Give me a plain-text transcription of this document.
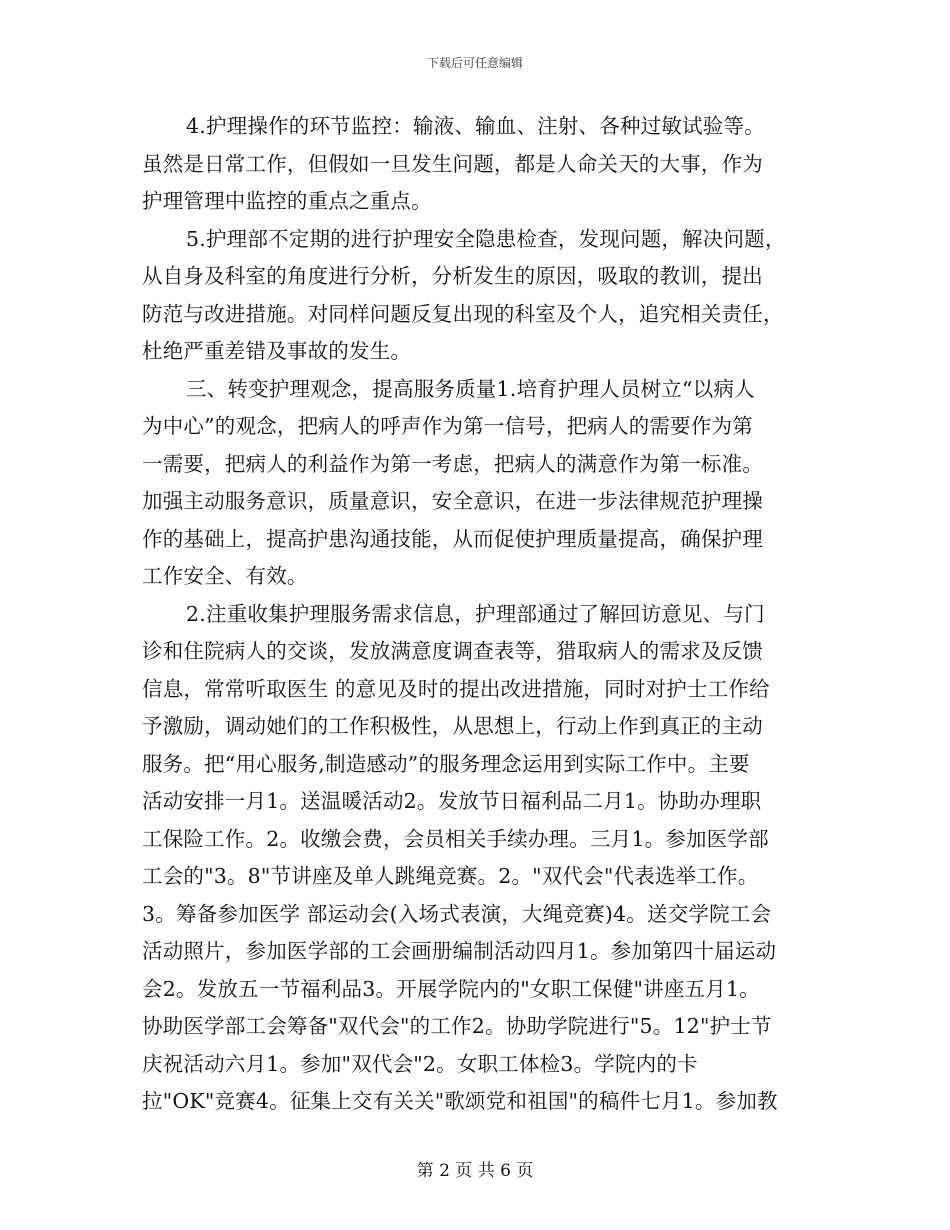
下载后可任意编辑
4.护理操作的环节监控：输液、输血、注射、各种过敏试验等。
虽然是日常工作，但假如一旦发生问题，都是人命关天的大事，作为
护理管理中监控的重点之重点。
5.护理部不定期的进行护理安全隐患检查，发现问题，解决问题，
从自身及科室的角度进行分析，分析发生的原因，吸取的教训，提出
防范与改进措施。对同样问题反复出现的科室及个人，追究相关责任，
杜绝严重差错及事故的发生。
三、转变护理观念，提高服务质量1.培育护理人员树立“以病人
为中心”的观念，把病人的呼声作为第一信号，把病人的需要作为第
一需要，把病人的利益作为第一考虑，把病人的满意作为第一标准。
加强主动服务意识，质量意识，安全意识，在进一步法律规范护理操
作的基础上，提高护患沟通技能，从而促使护理质量提高，确保护理
工作安全、有效。
2.注重收集护理服务需求信息，护理部通过了解回访意见、与门
诊和住院病人的交谈，发放满意度调查表等，猎取病人的需求及反馈
信息，常常听取医生 的意见及时的提出改进措施，同时对护士工作给
予激励，调动她们的工作积极性，从思想上，行动上作到真正的主动
服务。把“用心服务,制造感动”的服务理念运用到实际工作中。主要
活动安排一月1。送温暖活动2。发放节日福利品二月1。协助办理职
工保险工作。2。收缴会费，会员相关手续办理。三月1。参加医学部
工会的"3。8"节讲座及单人跳绳竞赛。2。"双代会"代表选举工作。
3。筹备参加医学 部运动会(入场式表演，大绳竞赛)4。送交学院工会
活动照片，参加医学部的工会画册编制活动四月1。参加第四十届运动
会2。发放五一节福利品3。开展学院内的"女职工保健"讲座五月1。
协助医学部工会筹备"双代会"的工作2。协助学院进行"5。12"护士节
庆祝活动六月1。参加"双代会"2。女职工体检3。学院内的卡
拉"OK"竞赛4。征集上交有关关"歌颂党和祖国"的稿件七月1。参加教
第 2 页 共 6 页
